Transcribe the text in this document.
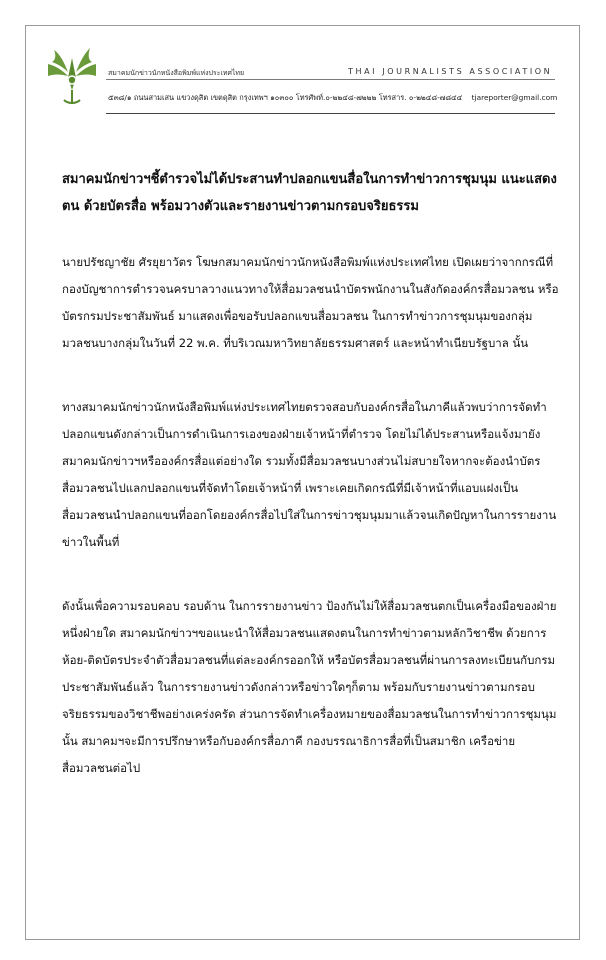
สมาคมนักข่าวนักหนังสือพิมพ์แห่งประเทศไทย	THAI JOURNALISTS ASSOCIATION
๕๓๘/๑ ถนนสามเสน แขวงดุสิต เขตดุสิต กรุงเทพฯ ๑๐๓๐๐ โทรศัพท์.๐-๒๒๔๘-๗๒๒๒ โทรสาร. ๐-๒๒๔๘-๗๘๔๔ tjareporter@gmail.com

สมาคมนักข่าวฯชี้ตำรวจไม่ได้ประสานทำปลอกแขนสื่อในการทำข่าวการชุมนุม แนะแสดงตน ด้วยบัตรสื่อ พร้อมวางตัวและรายงานข่าวตามกรอบจริยธรรม

นายปรัชญาชัย ศัรยุยาวัตร โฆษกสมาคมนักข่าวนักหนังสือพิมพ์แห่งประเทศไทย เปิดเผยว่าจากกรณีที่กองบัญชาการตำรวจนครบาลวางแนวทางให้สื่อมวลชนนำบัตรพนักงานในสังกัดองค์กรสื่อมวลชน หรือบัตรกรมประชาสัมพันธ์ มาแสดงเพื่อขอรับปลอกแขนสื่อมวลชน ในการทำข่าวการชุมนุมของกลุ่มมวลชนบางกลุ่มในวันที่ 22 พ.ค. ที่บริเวณมหาวิทยาลัยธรรมศาสตร์ และหน้าทำเนียบรัฐบาล นั้น

ทางสมาคมนักข่าวนักหนังสือพิมพ์แห่งประเทศไทยตรวจสอบกับองค์กรสื่อในภาคีแล้วพบว่าการจัดทำปลอกแขนดังกล่าวเป็นการดำเนินการเองของฝ่ายเจ้าหน้าที่ตำรวจ โดยไม่ได้ประสานหรือแจ้งมายังสมาคมนักข่าวฯหรือองค์กรสื่อแต่อย่างใด รวมทั้งมีสื่อมวลชนบางส่วนไม่สบายใจหากจะต้องนำบัตรสื่อมวลชนไปแลกปลอกแขนที่จัดทำโดยเจ้าหน้าที่ เพราะเคยเกิดกรณีที่มีเจ้าหน้าที่แอบแฝงเป็นสื่อมวลชนนำปลอกแขนที่ออกโดยองค์กรสื่อไปใส่ในการข่าวชุมนุมมาแล้วจนเกิดปัญหาในการรายงานข่าวในพื้นที่

ดังนั้นเพื่อความรอบคอบ รอบด้าน ในการรายงานข่าว ป้องกันไม่ให้สื่อมวลชนตกเป็นเครื่องมือของฝ่ายหนึ่งฝ่ายใด สมาคมนักข่าวฯขอแนะนำให้สื่อมวลชนแสดงตนในการทำข่าวตามหลักวิชาชีพ ด้วยการห้อย-ติดบัตรประจำตัวสื่อมวลชนที่แต่ละองค์กรออกให้ หรือบัตรสื่อมวลชนที่ผ่านการลงทะเบียนกับกรมประชาสัมพันธ์แล้ว ในการรายงานข่าวดังกล่าวหรือข่าวใดๆก็ตาม พร้อมกับรายงานข่าวตามกรอบจริยธรรมของวิชาชีพอย่างเคร่งครัด ส่วนการจัดทำเครื่องหมายของสื่อมวลชนในการทำข่าวการชุมนุม นั้น สมาคมฯจะมีการปรึกษาหรือกับองค์กรสื่อภาคี กองบรรณาธิการสื่อที่เป็นสมาชิก เครือข่ายสื่อมวลชนต่อไป
